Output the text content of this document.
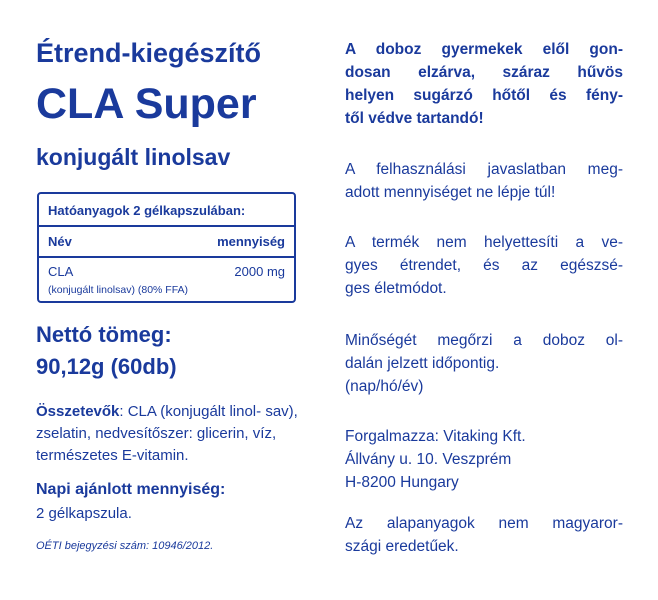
Étrend-kiegészítő
CLA Super
konjugált linolsav
Hatóanyagok 2 gélkapszulában:
Név	mennyiség
CLA	2000 mg
(konjugált linolsav) (80% FFA)
Nettó tömeg:
90,12g (60db)
Összetevők: CLA (konjugált linol- sav), zselatin, nedvesítőszer: glicerin, víz, természetes E-vitamin.
Napi ajánlott mennyiség:
2 gélkapszula.
OÉTI bejegyzési szám: 10946/2012.
A doboz gyermekek elől gon-
dosan elzárva, száraz hűvös
helyen sugárzó hőtől és fény-
től védve tartandó!
A felhasználási javaslatban meg-
adott mennyiséget ne lépje túl!
A termék nem helyettesíti a ve-
gyes étrendet, és az egészsé-
ges életmódot.
Minőségét megőrzi a doboz ol-
dalán jelzett időpontig.
(nap/hó/év)
Forgalmazza: Vitaking Kft.
Állvány u. 10. Veszprém
H-8200 Hungary
Az alapanyagok nem magyaror-
szági eredetűek.
